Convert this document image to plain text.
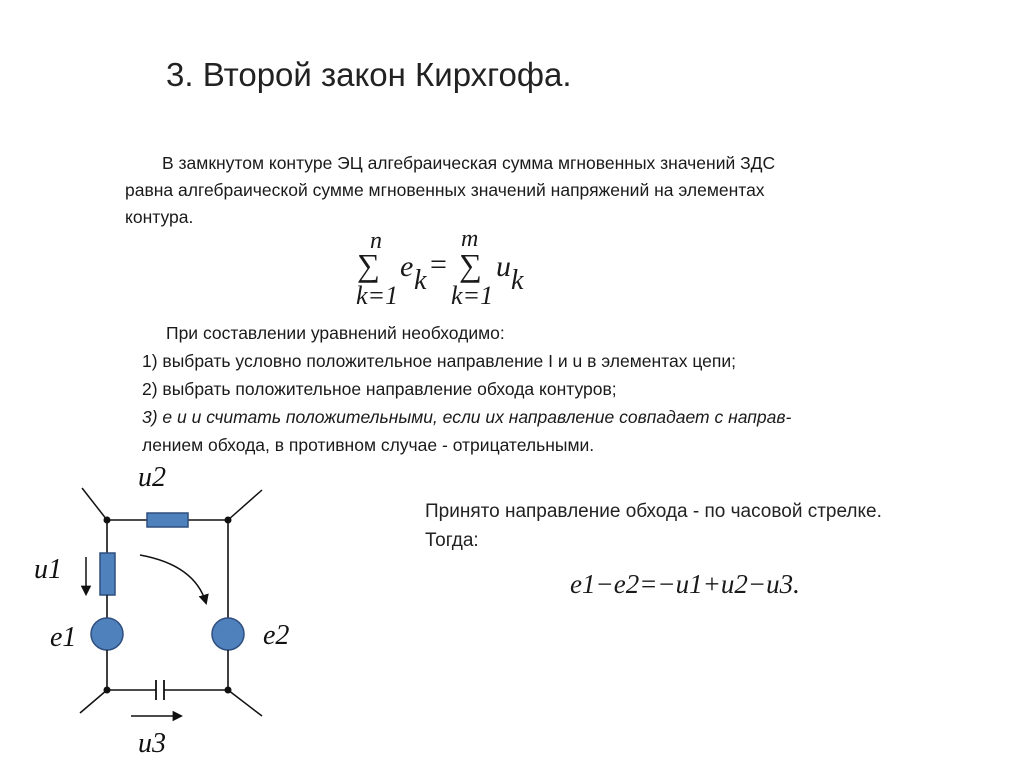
3. Второй закон Кирхгофа.
В замкнутом контуре ЭЦ алгебраическая сумма мгновенных значений ЗДС
равна алгебраической сумме мгновенных значений напряжений на элементах
контура.
n
∑
k=1
e k =
m
∑
k=1
u k
При составлении уравнений необходимо:
1) выбрать условно положительное направление I и u в элементах цепи;
2) выбрать положительное направление обхода контуров;
3) e и u считать положительными, если их направление совпадает с направ-
лением обхода, в противном случае - отрицательными.
Принято направление обхода - по часовой стрелке.
Тогда:
e1−e2=−u1+u2−u3.
u2
u1
e1	e2
u3
